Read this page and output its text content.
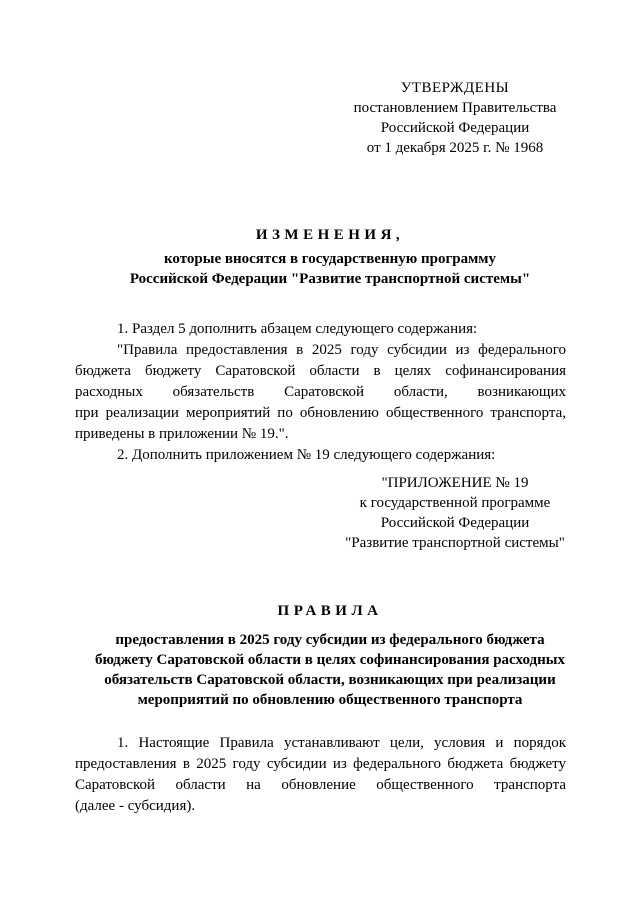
УТВЕРЖДЕНЫ
постановлением Правительства
Российской Федерации
от 1 декабря 2025 г. № 1968
ИЗМЕНЕНИЯ,
которые вносятся в государственную программу
Российской Федерации "Развитие транспортной системы"
1. Раздел 5 дополнить абзацем следующего содержания:
"Правила предоставления в 2025 году субсидии из федерального
бюджета бюджету Саратовской области в целях софинансирования
расходных обязательств Саратовской области, возникающих
при реализации мероприятий по обновлению общественного транспорта,
приведены в приложении № 19.".
2. Дополнить приложением № 19 следующего содержания:
"ПРИЛОЖЕНИЕ № 19
к государственной программе
Российской Федерации
"Развитие транспортной системы"
ПРАВИЛА
предоставления в 2025 году субсидии из федерального бюджета
бюджету Саратовской области в целях софинансирования расходных
обязательств Саратовской области, возникающих при реализации
мероприятий по обновлению общественного транспорта
1. Настоящие Правила устанавливают цели, условия и порядок
предоставления в 2025 году субсидии из федерального бюджета бюджету
Саратовской области на обновление общественного транспорта
(далее - субсидия).
